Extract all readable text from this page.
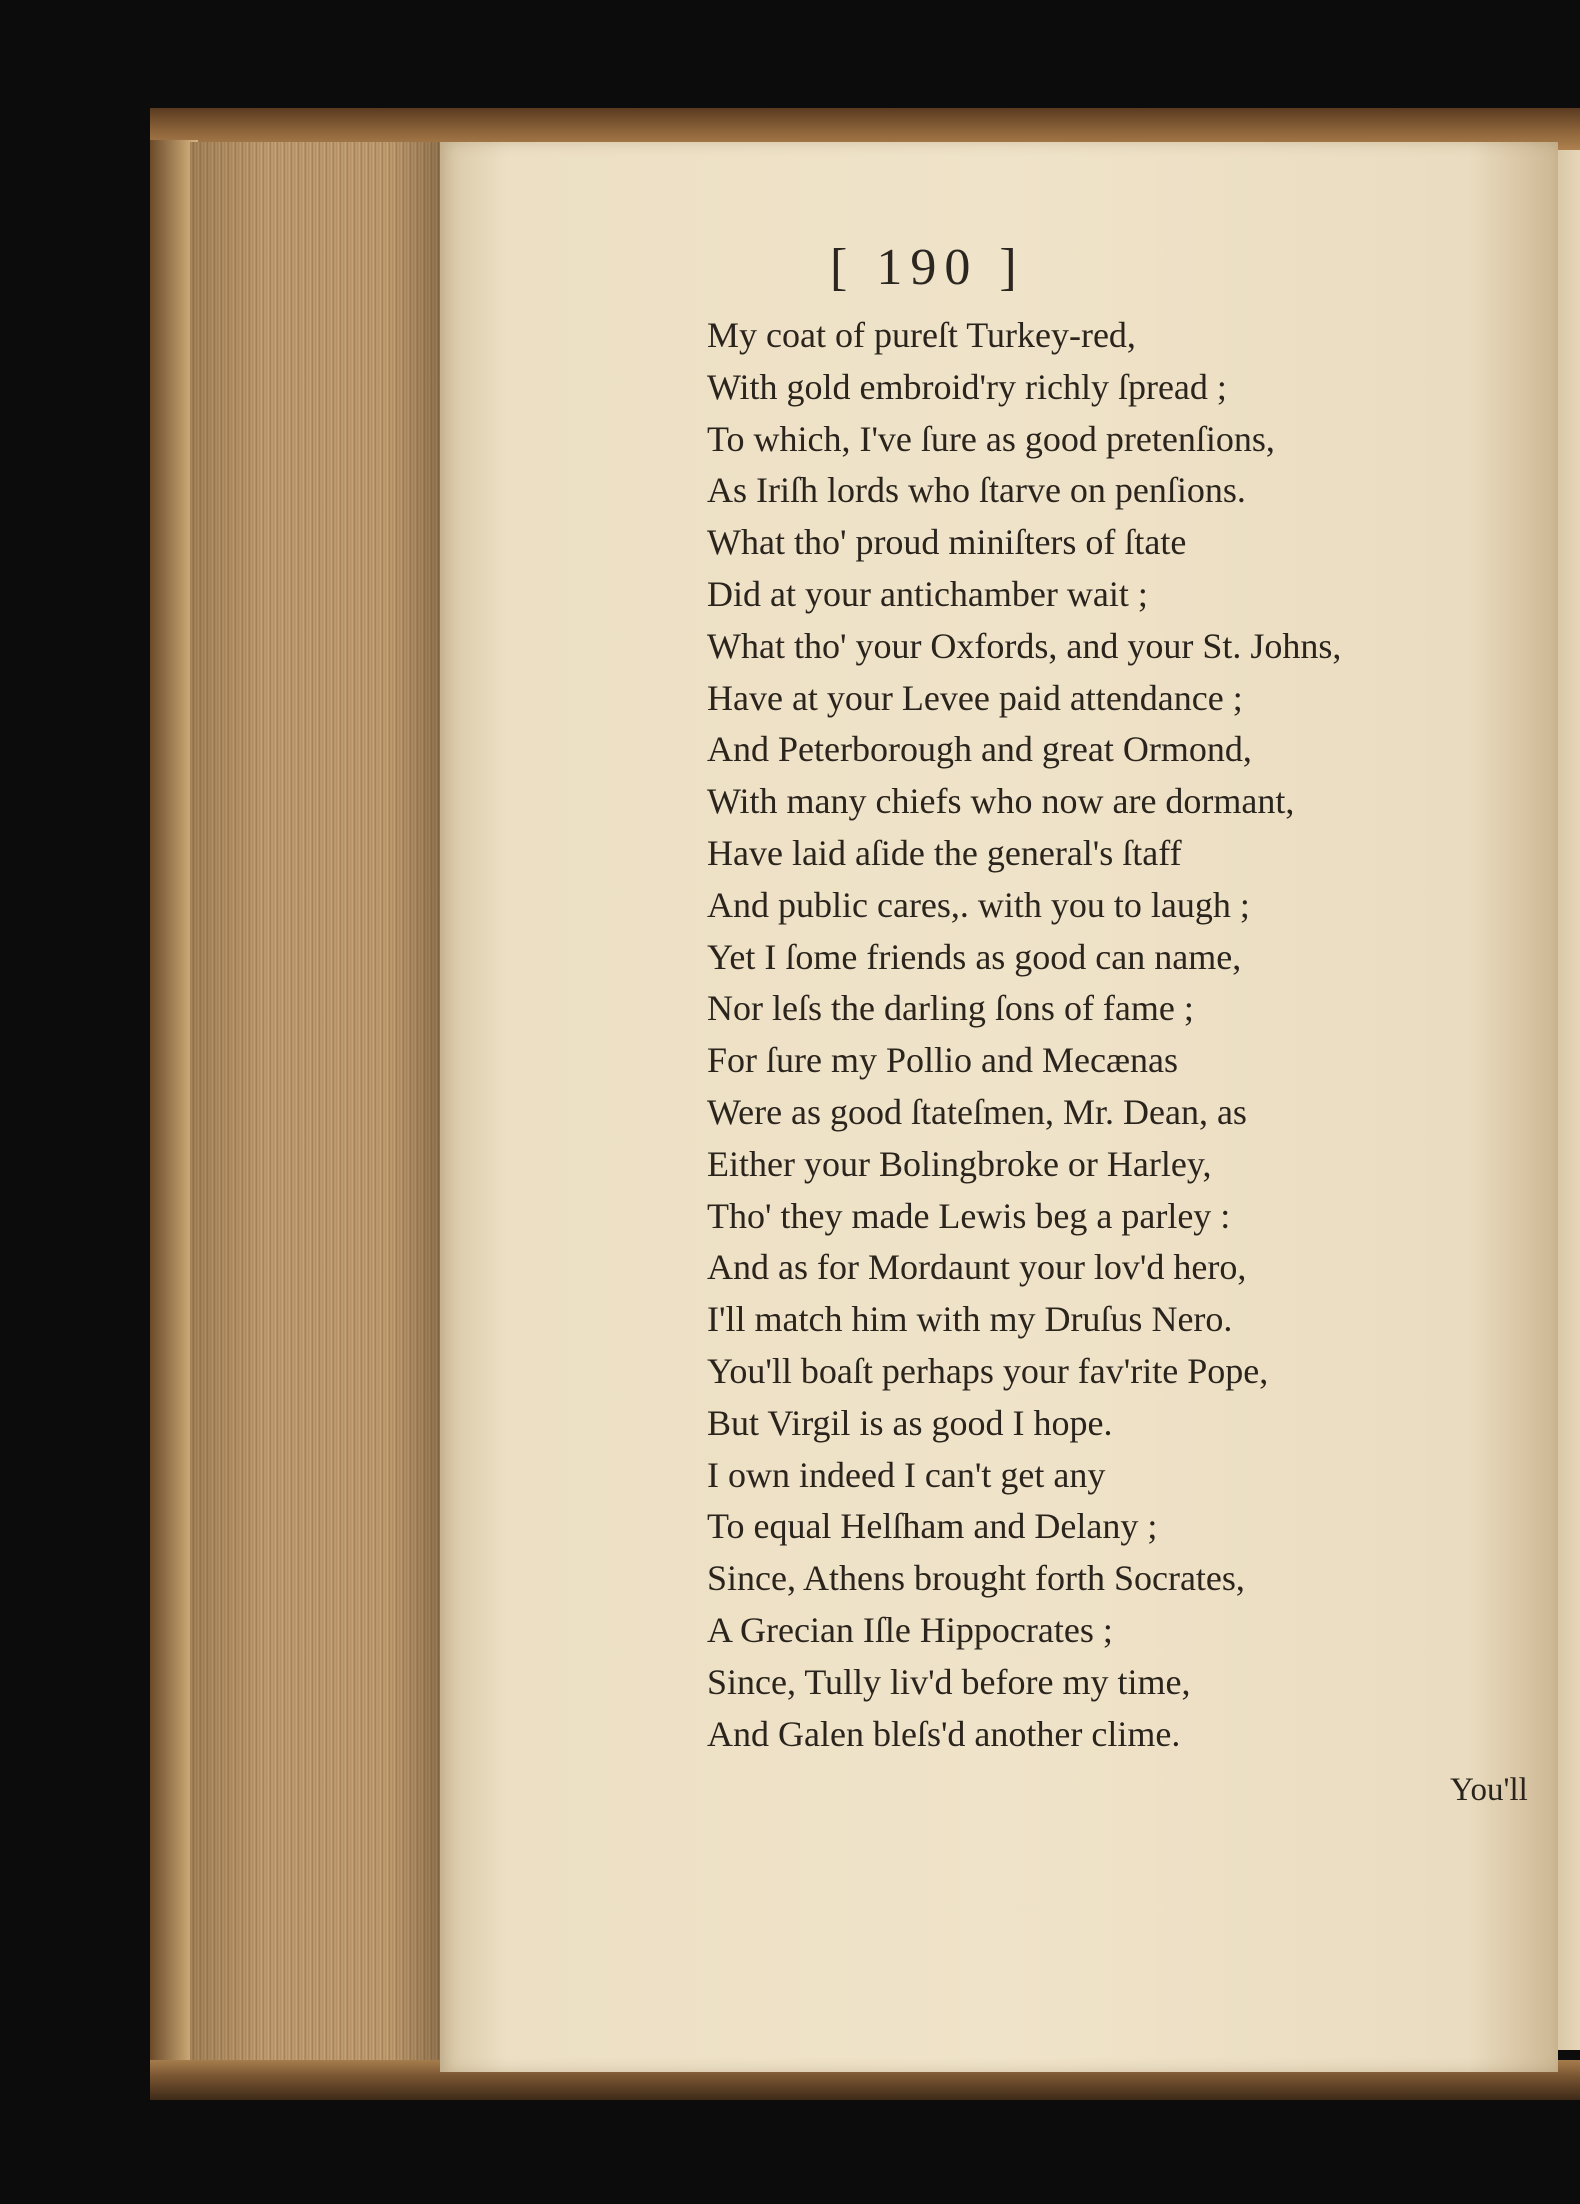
[ 190 ]
My coat of pureſt Turkey-red,
With gold embroid'ry richly ſpread ;
To which, I've ſure as good pretenſions,
As Iriſh lords who ſtarve on penſions.
What tho' proud miniſters of ſtate
Did at your antichamber wait ;
What tho' your Oxfords, and your St. Johns,
Have at your Levee paid attendance ;
And Peterborough and great Ormond,
With many chiefs who now are dormant,
Have laid aſide the general's ſtaff
And public cares,. with you to laugh ;
Yet I ſome friends as good can name,
Nor leſs the darling ſons of fame ;
For ſure my Pollio and Mecænas
Were as good ſtateſmen, Mr. Dean, as
Either your Bolingbroke or Harley,
Tho' they made Lewis beg a parley :
And as for Mordaunt your lov'd hero,
I'll match him with my Druſus Nero.
You'll boaſt perhaps your fav'rite Pope,
But Virgil is as good I hope.
I own indeed I can't get any
To equal Helſham and Delany ;
Since, Athens brought forth Socrates,
A Grecian Iſle Hippocrates ;
Since, Tully liv'd before my time,
And Galen bleſs'd another clime.
You'll
